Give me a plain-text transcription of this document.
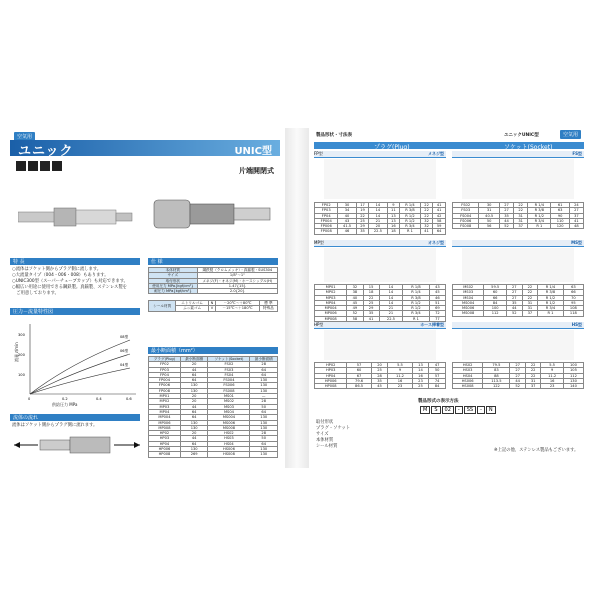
空気用
ユニック	UNIC型
片端開閉式
特 長
○流体はソケット側からプラグ側に流します。
○大流量タイプ（004・006・008）もあります。
○UNIC300型（スーパーチューブカップ）も対応できます。
○幅広い用途に使用できる鋼鉄製。真鍮製、ステンレス製を
　ご用意しております。
仕 様
本体材質	鋼鉄製（クロムメッキ）・真鍮製・SUS304
サイズ	1/8"～1"
取付形状	メネジ(F)・オネジ(M)・ホースシップル(H)
使用圧力 MPa{kgf/cm²}	1.47{15}
耐圧力 MPa{kgf/cm²}	2.0{20}
シール材質	ニトリルゴム	N	－20℃～＋80℃	標 準
	ふっ素ゴム	V	－15℃～＋180℃	特殊品
圧力－流量特性図
流量 ℓ/min
供給圧力 MPa
300
200
100
0	0.2	0.4	0.6
08型
06型
04型
最小断面積（mm²）
プラグ(Plug)	最小断面積	ソケット(Socket)	最小断面積
FP02	20	FS02	28
FP03	44	FS03	64
FP04	64	FS04	64
FP004	64	FS004	130
FP006	130	FS006	130
FP008	130	FS008	130
MP01	20	MS01	—
MP02	20	MS02	28
MP03	44	MS03	50
MP04	64	MS04	64
MP004	64	MS004	130
MP006	130	MS006	130
MP008	130	MS008	130
HP02	20	HS02	28
HP03	44	HS03	50
HP04	64	HS04	64
HP006	130	HS006	130
HP008	269	HS008	130
流体の流れ
流体はソケット側からプラグ側に流れます。
製品形状・寸法表	ユニックUNIC型	空気用
プラグ(Plug)	ソケット(Socket)
FP型	メネジ型	FS型
FP02	30	17	14	9	R 1/4	22	41
FP03	34	19	14	11	R 3/8	22	41
FP04	40	22	14	13	R 1/2	22	42
FP004	43	25	21	13	R 1/2	32	58
FP006	41.5	29	20	16	R 3/4	32	59
FP008	46	35	22.5	18	R 1	41	64
FS02	30	27	22	R 1/4	61	24
FS03	31	27	22	R 3/8	63	27
FS004	40.5	35	31	R 1/2	90	37
FS006	50	44	31	R 3/4	110	41
FS008	56	52	37	R 1	120	48
MP型	オネジ型	MS型
MP01	32	15	14	R 1/8	43
MP02	38	18	14	R 1/4	45
MP03	40	22	14	R 3/8	46
MP04	45	25	14	R 1/2	51
MP004	49	29	21	R 1/2	69
MP006	52	35	21	R 3/4	72
MP008	58	41	22.5	R 1	77
MS02	59.5	27	22	R 1/4	63
MS03	60	27	22	R 3/8	66
MS04	66	27	22	R 1/2	70
MS004	84	35	31	R 1/2	95
MS006	100	44	31	R 3/4	108
MS008	112	52	37	R 1	118
HP型	ホース挿着型	HS型
HP02	57	20	5.5	13	47
HP03	60	25	9	14	50
HP04	67	28	11.2	16	57
HP006	79.6	35	16	23	74
HP008	86.5	45	23	25	84
HS02	79.5	27	22	5.5	100
HS03	83	27	22	9	105
HS04	88	27	22	11.2	112
HS006	113.5	44	31	16	130
HS008	122	52	37	23	140
製品形式の表示方法
M	S	02	-	SS	-	N
取付形状
プラグ・ソケット
サイズ
本体材質
シール材質
※上記の他、ステンレス製品もございます。
